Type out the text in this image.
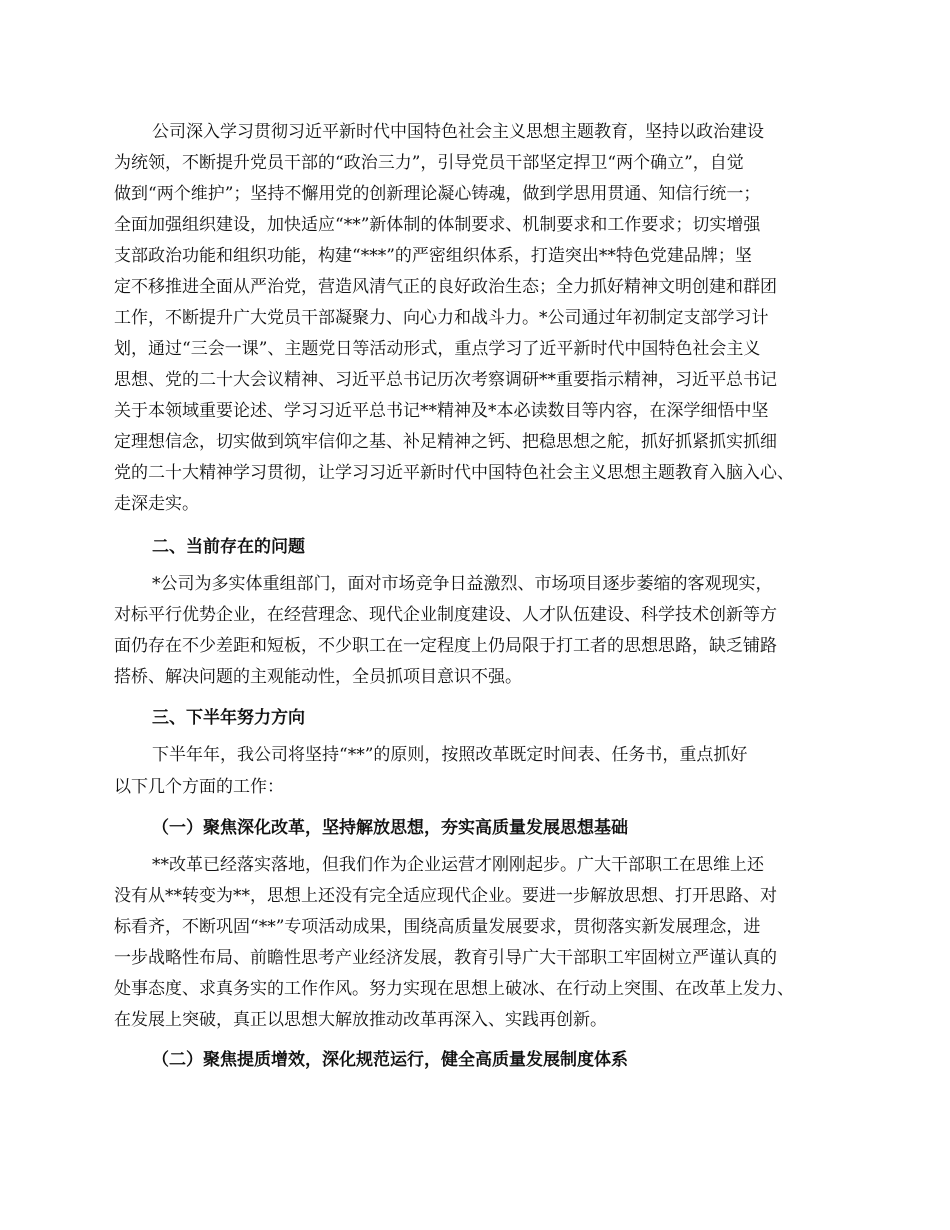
公司深入学习贯彻习近平新时代中国特色社会主义思想主题教育，坚持以政治建设
为统领，不断提升党员干部的“政治三力”，引导党员干部坚定捍卫“两个确立”，自觉
做到“两个维护”；坚持不懈用党的创新理论凝心铸魂，做到学思用贯通、知信行统一；
全面加强组织建设，加快适应“**”新体制的体制要求、机制要求和工作要求；切实增强
支部政治功能和组织功能，构建“***”的严密组织体系，打造突出**特色党建品牌；坚
定不移推进全面从严治党，营造风清气正的良好政治生态；全力抓好精神文明创建和群团
工作，不断提升广大党员干部凝聚力、向心力和战斗力。*公司通过年初制定支部学习计
划，通过“三会一课”、主题党日等活动形式，重点学习了近平新时代中国特色社会主义
思想、党的二十大会议精神、习近平总书记历次考察调研**重要指示精神，习近平总书记
关于本领域重要论述、学习习近平总书记**精神及*本必读数目等内容，在深学细悟中坚
定理想信念，切实做到筑牢信仰之基、补足精神之钙、把稳思想之舵，抓好抓紧抓实抓细
党的二十大精神学习贯彻，让学习习近平新时代中国特色社会主义思想主题教育入脑入心、
走深走实。
二、当前存在的问题
*公司为多实体重组部门，面对市场竞争日益激烈、市场项目逐步萎缩的客观现实，
对标平行优势企业，在经营理念、现代企业制度建设、人才队伍建设、科学技术创新等方
面仍存在不少差距和短板，不少职工在一定程度上仍局限于打工者的思想思路，缺乏铺路
搭桥、解决问题的主观能动性，全员抓项目意识不强。
三、下半年努力方向
下半年年，我公司将坚持“**”的原则，按照改革既定时间表、任务书，重点抓好
以下几个方面的工作：
（一）聚焦深化改革，坚持解放思想，夯实高质量发展思想基础
**改革已经落实落地，但我们作为企业运营才刚刚起步。广大干部职工在思维上还
没有从**转变为**，思想上还没有完全适应现代企业。要进一步解放思想、打开思路、对
标看齐，不断巩固“**”专项活动成果，围绕高质量发展要求，贯彻落实新发展理念，进
一步战略性布局、前瞻性思考产业经济发展，教育引导广大干部职工牢固树立严谨认真的
处事态度、求真务实的工作作风。努力实现在思想上破冰、在行动上突围、在改革上发力、
在发展上突破，真正以思想大解放推动改革再深入、实践再创新。
（二）聚焦提质增效，深化规范运行，健全高质量发展制度体系
